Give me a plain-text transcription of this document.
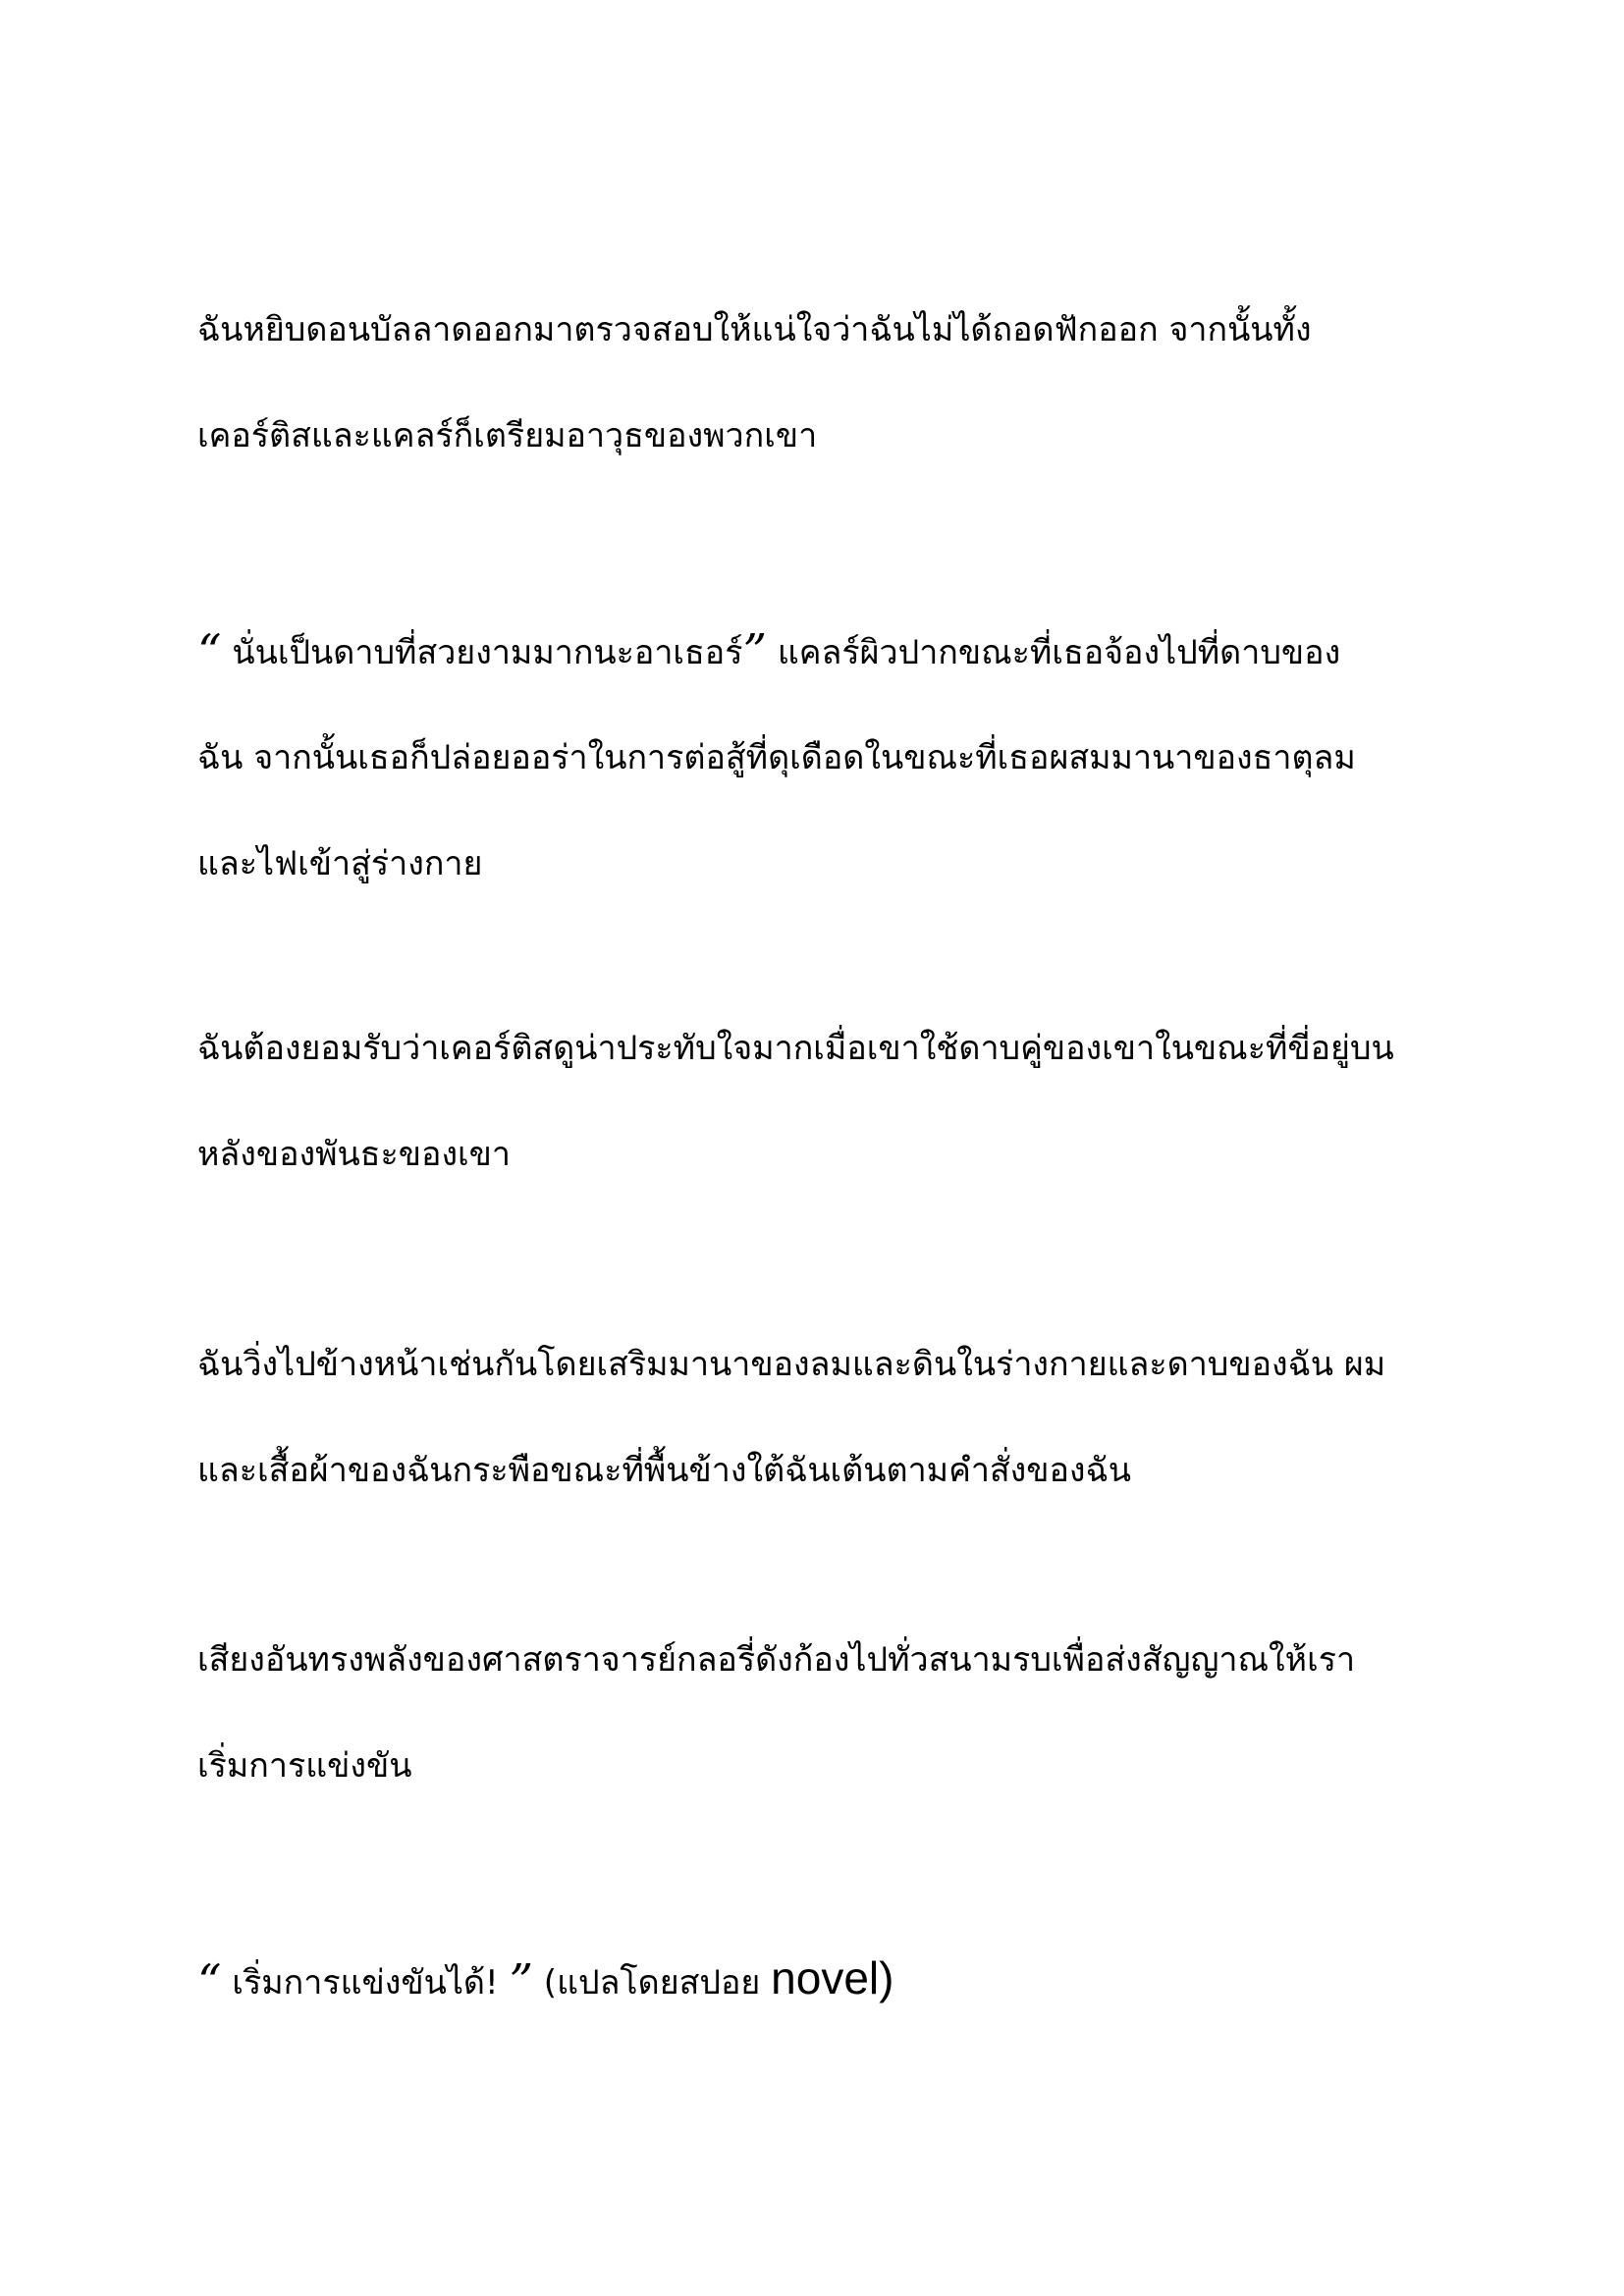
ฉันหยิบดอนบัลลาดออกมาตรวจสอบให้แน่ใจว่าฉันไม่ได้ถอดฟักออก จากนั้นทั้ง
เคอร์ติสและแคลร์ก็เตรียมอาวุธของพวกเขา
“ นั่นเป็นดาบที่สวยงามมากนะอาเธอร์” แคลร์ผิวปากขณะที่เธอจ้องไปที่ดาบของ
ฉัน จากนั้นเธอก็ปล่อยออร่าในการต่อสู้ที่ดุเดือดในขณะที่เธอผสมมานาของธาตุลม
และไฟเข้าสู่ร่างกาย
ฉันต้องยอมรับว่าเคอร์ติสดูน่าประทับใจมากเมื่อเขาใช้ดาบคู่ของเขาในขณะที่ขี่อยู่บน
หลังของพันธะของเขา
ฉันวิ่งไปข้างหน้าเช่นกันโดยเสริมมานาของลมและดินในร่างกายและดาบของฉัน ผม
และเสื้อผ้าของฉันกระพือขณะที่พื้นข้างใต้ฉันเต้นตามคำสั่งของฉัน
เสียงอันทรงพลังของศาสตราจารย์กลอรี่ดังก้องไปทั่วสนามรบเพื่อส่งสัญญาณให้เรา
เริ่มการแข่งขัน
“ เริ่มการแข่งขันได้! ” (แปลโดยสปอย novel)
